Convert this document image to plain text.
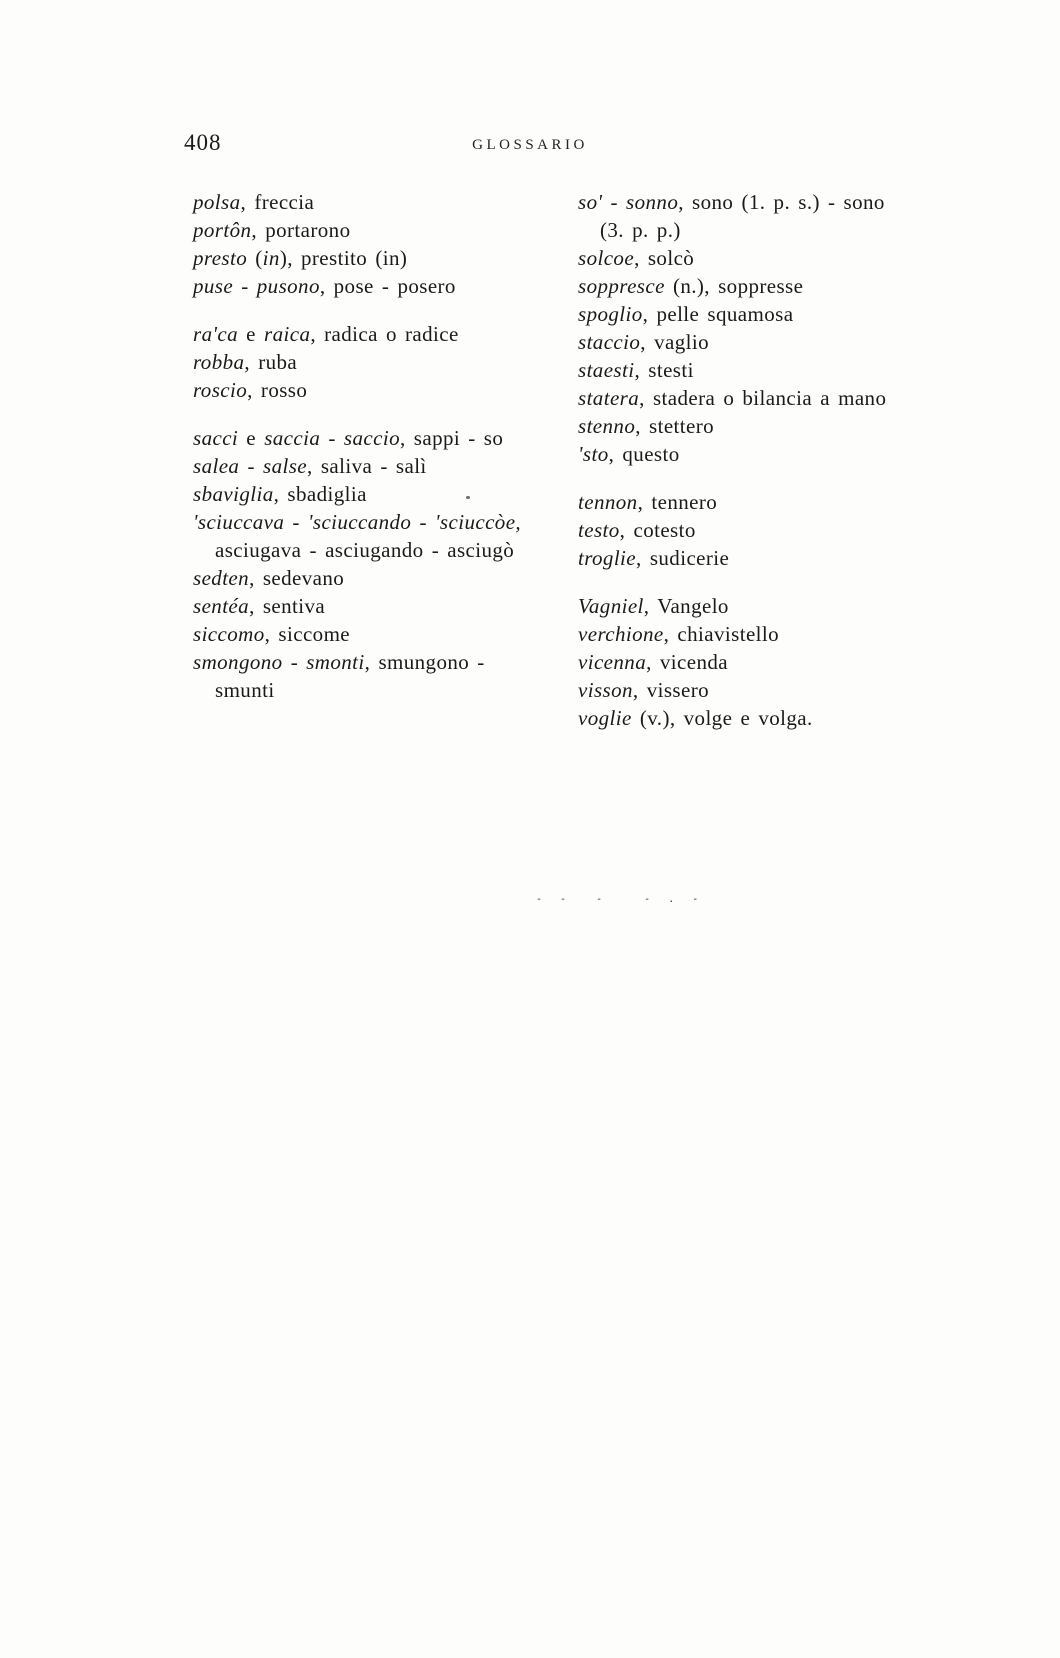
408	GLOSSARIO
polsa, freccia
portôn, portarono
presto (in), prestito (in)
puse - pusono, pose - posero
ra'ca e raica, radica o radice
robba, ruba
roscio, rosso
sacci e saccia - saccio, sappi - so
salea - salse, saliva - salì
sbaviglia, sbadiglia
'sciuccava - 'sciuccando - 'sciuccòe,
asciugava - asciugando - asciugò
sedten, sedevano
sentéa, sentiva
siccomo, siccome
smongono - smonti, smungono -
smunti
so' - sonno, sono (1. p. s.) - sono
(3. p. p.)
solcoe, solcò
soppresce (n.), soppresse
spoglio, pelle squamosa
staccio, vaglio
staesti, stesti
statera, stadera o bilancia a mano
stenno, stettero
'sto, questo
tennon, tennero
testo, cotesto
troglie, sudicerie
Vagniel, Vangelo
verchione, chiavistello
vicenna, vicenda
visson, vissero
voglie (v.), volge e volga.
- -  -   - . -
